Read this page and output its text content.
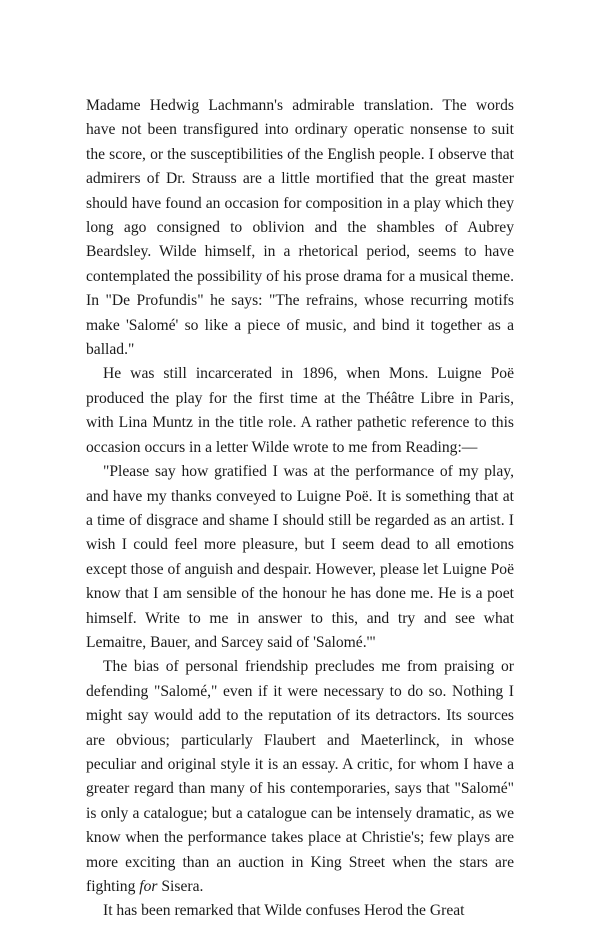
Madame Hedwig Lachmann's admirable translation. The words have not been transfigured into ordinary operatic nonsense to suit the score, or the susceptibilities of the English people. I observe that admirers of Dr. Strauss are a little mortified that the great master should have found an occasion for composition in a play which they long ago consigned to oblivion and the shambles of Aubrey Beardsley. Wilde himself, in a rhetorical period, seems to have contemplated the possibility of his prose drama for a musical theme. In "De Profundis" he says: "The refrains, whose recurring motifs make 'Salomé' so like a piece of music, and bind it together as a ballad."

He was still incarcerated in 1896, when Mons. Luigne Poë produced the play for the first time at the Théâtre Libre in Paris, with Lina Muntz in the title role. A rather pathetic reference to this occasion occurs in a letter Wilde wrote to me from Reading:—

"Please say how gratified I was at the performance of my play, and have my thanks conveyed to Luigne Poë. It is something that at a time of disgrace and shame I should still be regarded as an artist. I wish I could feel more pleasure, but I seem dead to all emotions except those of anguish and despair. However, please let Luigne Poë know that I am sensible of the honour he has done me. He is a poet himself. Write to me in answer to this, and try and see what Lemaitre, Bauer, and Sarcey said of 'Salomé.'"

The bias of personal friendship precludes me from praising or defending "Salomé," even if it were necessary to do so. Nothing I might say would add to the reputation of its detractors. Its sources are obvious; particularly Flaubert and Maeterlinck, in whose peculiar and original style it is an essay. A critic, for whom I have a greater regard than many of his contemporaries, says that "Salomé" is only a catalogue; but a catalogue can be intensely dramatic, as we know when the performance takes place at Christie's; few plays are more exciting than an auction in King Street when the stars are fighting for Sisera.

It has been remarked that Wilde confuses Herod the Great
